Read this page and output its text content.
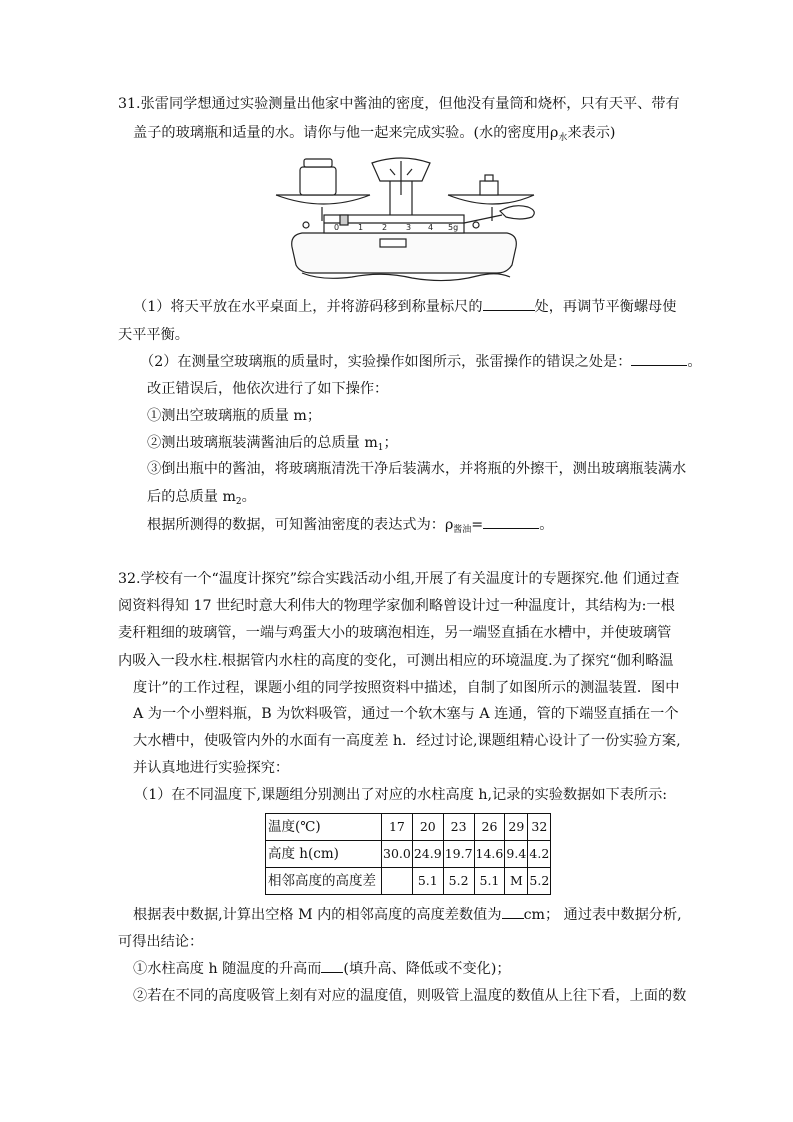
31.张雷同学想通过实验测量出他家中酱油的密度，但他没有量筒和烧杯，只有天平、带有
盖子的玻璃瓶和适量的水。请你与他一起来完成实验。(水的密度用$\rho_水$来表示)
0 1 2 3 4 5g
（1）将天平放在水平桌面上，并将游码移到称量标尺的	处，再调节平衡螺母使
天平平衡。
（2）在测量空玻璃瓶的质量时，实验操作如图所示，张雷操作的错误之处是：	。
改正错误后，他依次进行了如下操作：
①测出空玻璃瓶的质量 m；
②测出玻璃瓶装满酱油后的总质量 $m_1$；
③倒出瓶中的酱油，将玻璃瓶清洗干净后装满水，并将瓶的外擦干，测出玻璃瓶装满水
后的总质量 $m_2$。
根据所测得的数据，可知酱油密度的表达式为：$\rho_{酱油}=$	。
32.学校有一个“温度计探究”综合实践活动小组,开展了有关温度计的专题探究.他 们通过查
阅资料得知 17 世纪时意大利伟大的物理学家伽利略曾设计过一种温度计，其结构为:一根
麦秆粗细的玻璃管，一端与鸡蛋大小的玻璃泡相连，另一端竖直插在水槽中，并使玻璃管
内吸入一段水柱.根据管内水柱的高度的变化，可测出相应的环境温度.为了探究“伽利略温
度计”的工作过程，课题小组的同学按照资料中描述，自制了如图所示的测温装置．图中
A 为一个小塑料瓶，B 为饮料吸管，通过一个软木塞与 A 连通，管的下端竖直插在一个
大水槽中，使吸管内外的水面有一高度差 h．经过讨论,课题组精心设计了一份实验方案,
并认真地进行实验探究：
（1）在不同温度下,课题组分别测出了对应的水柱高度 h,记录的实验数据如下表所示:
温度(℃)	17	20	23	26	29	32
高度 h(cm)	30.0	24.9	19.7	14.6	9.4	4.2
相邻高度的高度差		5.1	5.2	5.1	M	5.2
根据表中数据,计算出空格 M 内的相邻高度的高度差数值为 cm； 通过表中数据分析,
可得出结论：
①水柱高度 h 随温度的升高而 (填升高、降低或不变化)；
②若在不同的高度吸管上刻有对应的温度值，则吸管上温度的数值从上往下看，上面的数
